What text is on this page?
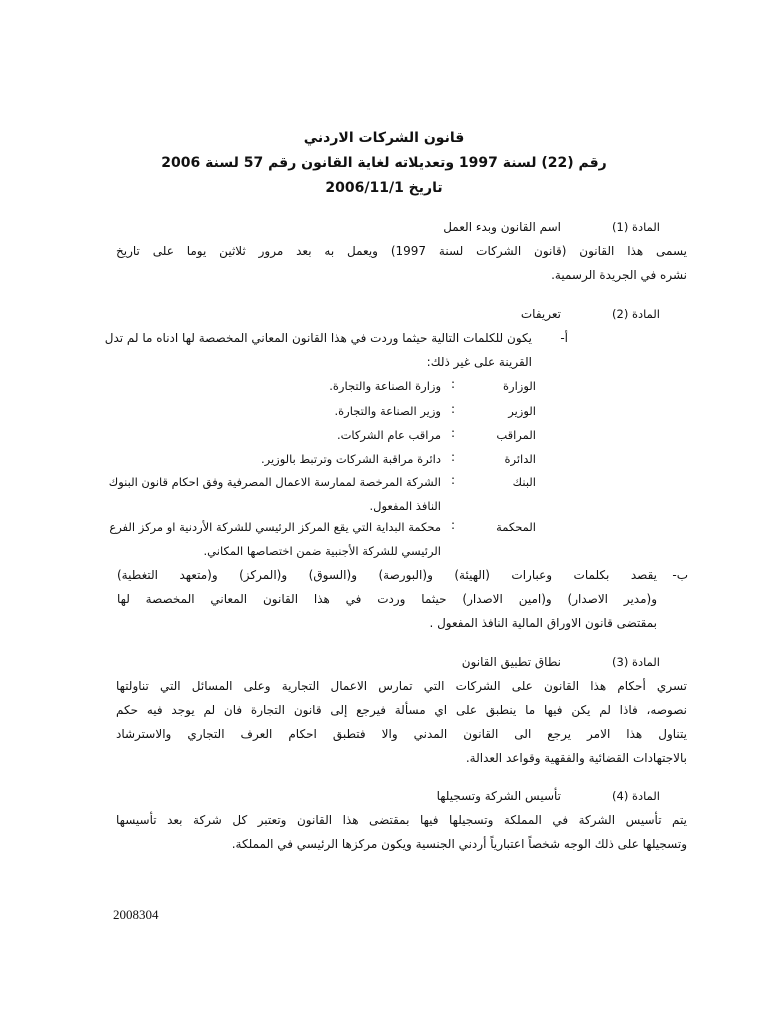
قانون الشركات الاردني
رقم (22) لسنة 1997 وتعديلاته لغاية القانون رقم 57 لسنة 2006
تاريخ 2006/11/1
المادة (1)
اسم القانون وبدء العمل
يسمى هذا القانون (قانون الشركات لسنة 1997) ويعمل به بعد مرور ثلاثين يوما على تاريخ
نشره في الجريدة الرسمية.
المادة (2)
تعريفات
أ-
يكون للكلمات التالية حيثما وردت في هذا القانون المعاني المخصصة لها ادناه ما لم تدل
القرينة على غير ذلك:
الوزارة
:
وزارة الصناعة والتجارة.
الوزير
:
وزير الصناعة والتجارة.
المراقب
:
مراقب عام الشركات.
الدائرة
:
دائرة مراقبة الشركات وترتبط بالوزير.
البنك
:
الشركة المرخصة لممارسة الاعمال المصرفية وفق احكام قانون البنوك
النافذ المفعول.
المحكمة
:
محكمة البداية التي يقع المركز الرئيسي للشركة الأردنية او مركز الفرع
الرئيسي للشركة الأجنبية ضمن اختصاصها المكاني.
ب-
يقصد بكلمات وعبارات (الهيئة) و(البورصة) و(السوق) و(المركز) و(متعهد التغطية)
و(مدير الاصدار) و(امين الاصدار) حيثما وردت في هذا القانون المعاني المخصصة لها
بمقتضى قانون الاوراق المالية النافذ المفعول .
المادة (3)
نطاق تطبيق القانون
تسري أحكام هذا القانون على الشركات التي تمارس الاعمال التجارية وعلى المسائل التي تناولتها
نصوصه، فاذا لم يكن فيها ما ينطبق على اي مسألة فيرجع إلى قانون التجارة فان لم يوجد فيه حكم
يتناول هذا الامر يرجع الى القانون المدني والا فتطبق احكام العرف التجاري والاسترشاد
بالاجتهادات القضائية والفقهية وقواعد العدالة.
المادة (4)
تأسيس الشركة وتسجيلها
يتم تأسيس الشركة في المملكة وتسجيلها فيها بمقتضى هذا القانون وتعتبر كل شركة بعد تأسيسها
وتسجيلها على ذلك الوجه شخصاً اعتبارياً أردني الجنسية ويكون مركزها الرئيسي في المملكة.
2008304
